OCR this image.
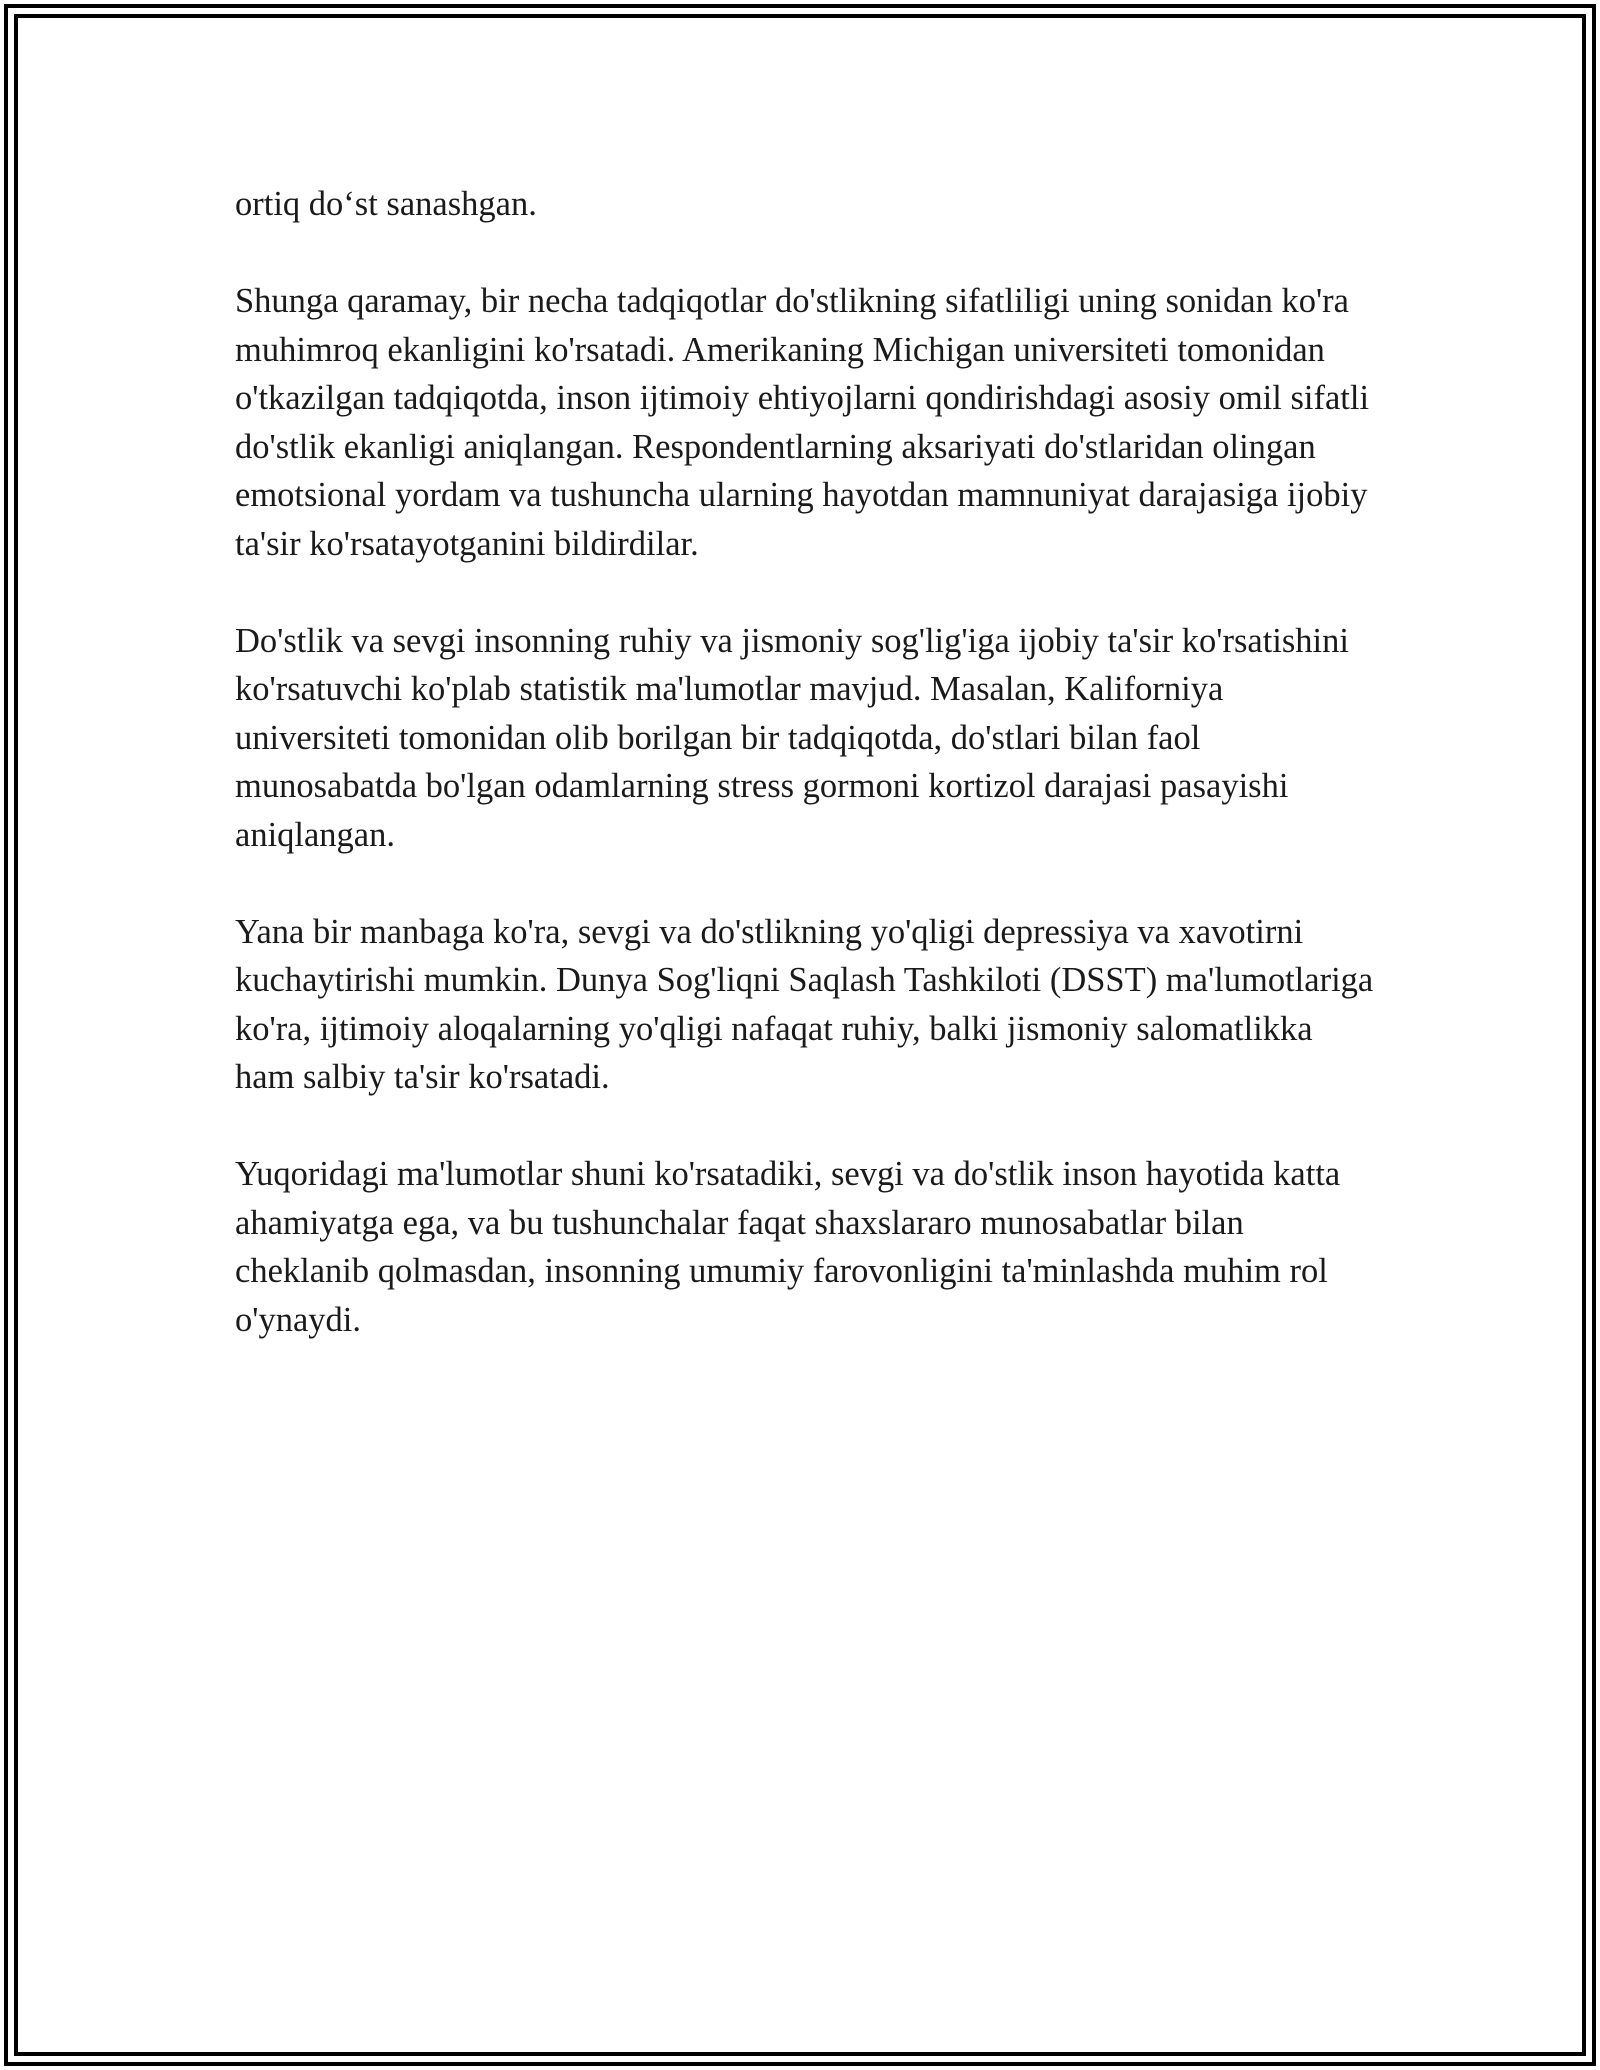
ortiq do‘st sanashgan.

Shunga qaramay, bir necha tadqiqotlar do'stlikning sifatliligi uning sonidan ko'ra muhimroq ekanligini ko'rsatadi. Amerikaning Michigan universiteti tomonidan o'tkazilgan tadqiqotda, inson ijtimoiy ehtiyojlarni qondirishdagi asosiy omil sifatli do'stlik ekanligi aniqlangan. Respondentlarning aksariyati do'stlaridan olingan emotsional yordam va tushuncha ularning hayotdan mamnuniyat darajasiga ijobiy ta'sir ko'rsatayotganini bildirdilar.

Do'stlik va sevgi insonning ruhiy va jismoniy sog'lig'iga ijobiy ta'sir ko'rsatishini ko'rsatuvchi ko'plab statistik ma'lumotlar mavjud. Masalan, Kaliforniya universiteti tomonidan olib borilgan bir tadqiqotda, do'stlari bilan faol munosabatda bo'lgan odamlarning stress gormoni kortizol darajasi pasayishi aniqlangan.

Yana bir manbaga ko'ra, sevgi va do'stlikning yo'qligi depressiya va xavotirni kuchaytirishi mumkin. Dunya Sog'liqni Saqlash Tashkiloti (DSST) ma'lumotlariga ko'ra, ijtimoiy aloqalarning yo'qligi nafaqat ruhiy, balki jismoniy salomatlikka ham salbiy ta'sir ko'rsatadi.

Yuqoridagi ma'lumotlar shuni ko'rsatadiki, sevgi va do'stlik inson hayotida katta ahamiyatga ega, va bu tushunchalar faqat shaxslararo munosabatlar bilan cheklanib qolmasdan, insonning umumiy farovonligini ta'minlashda muhim rol o'ynaydi.
